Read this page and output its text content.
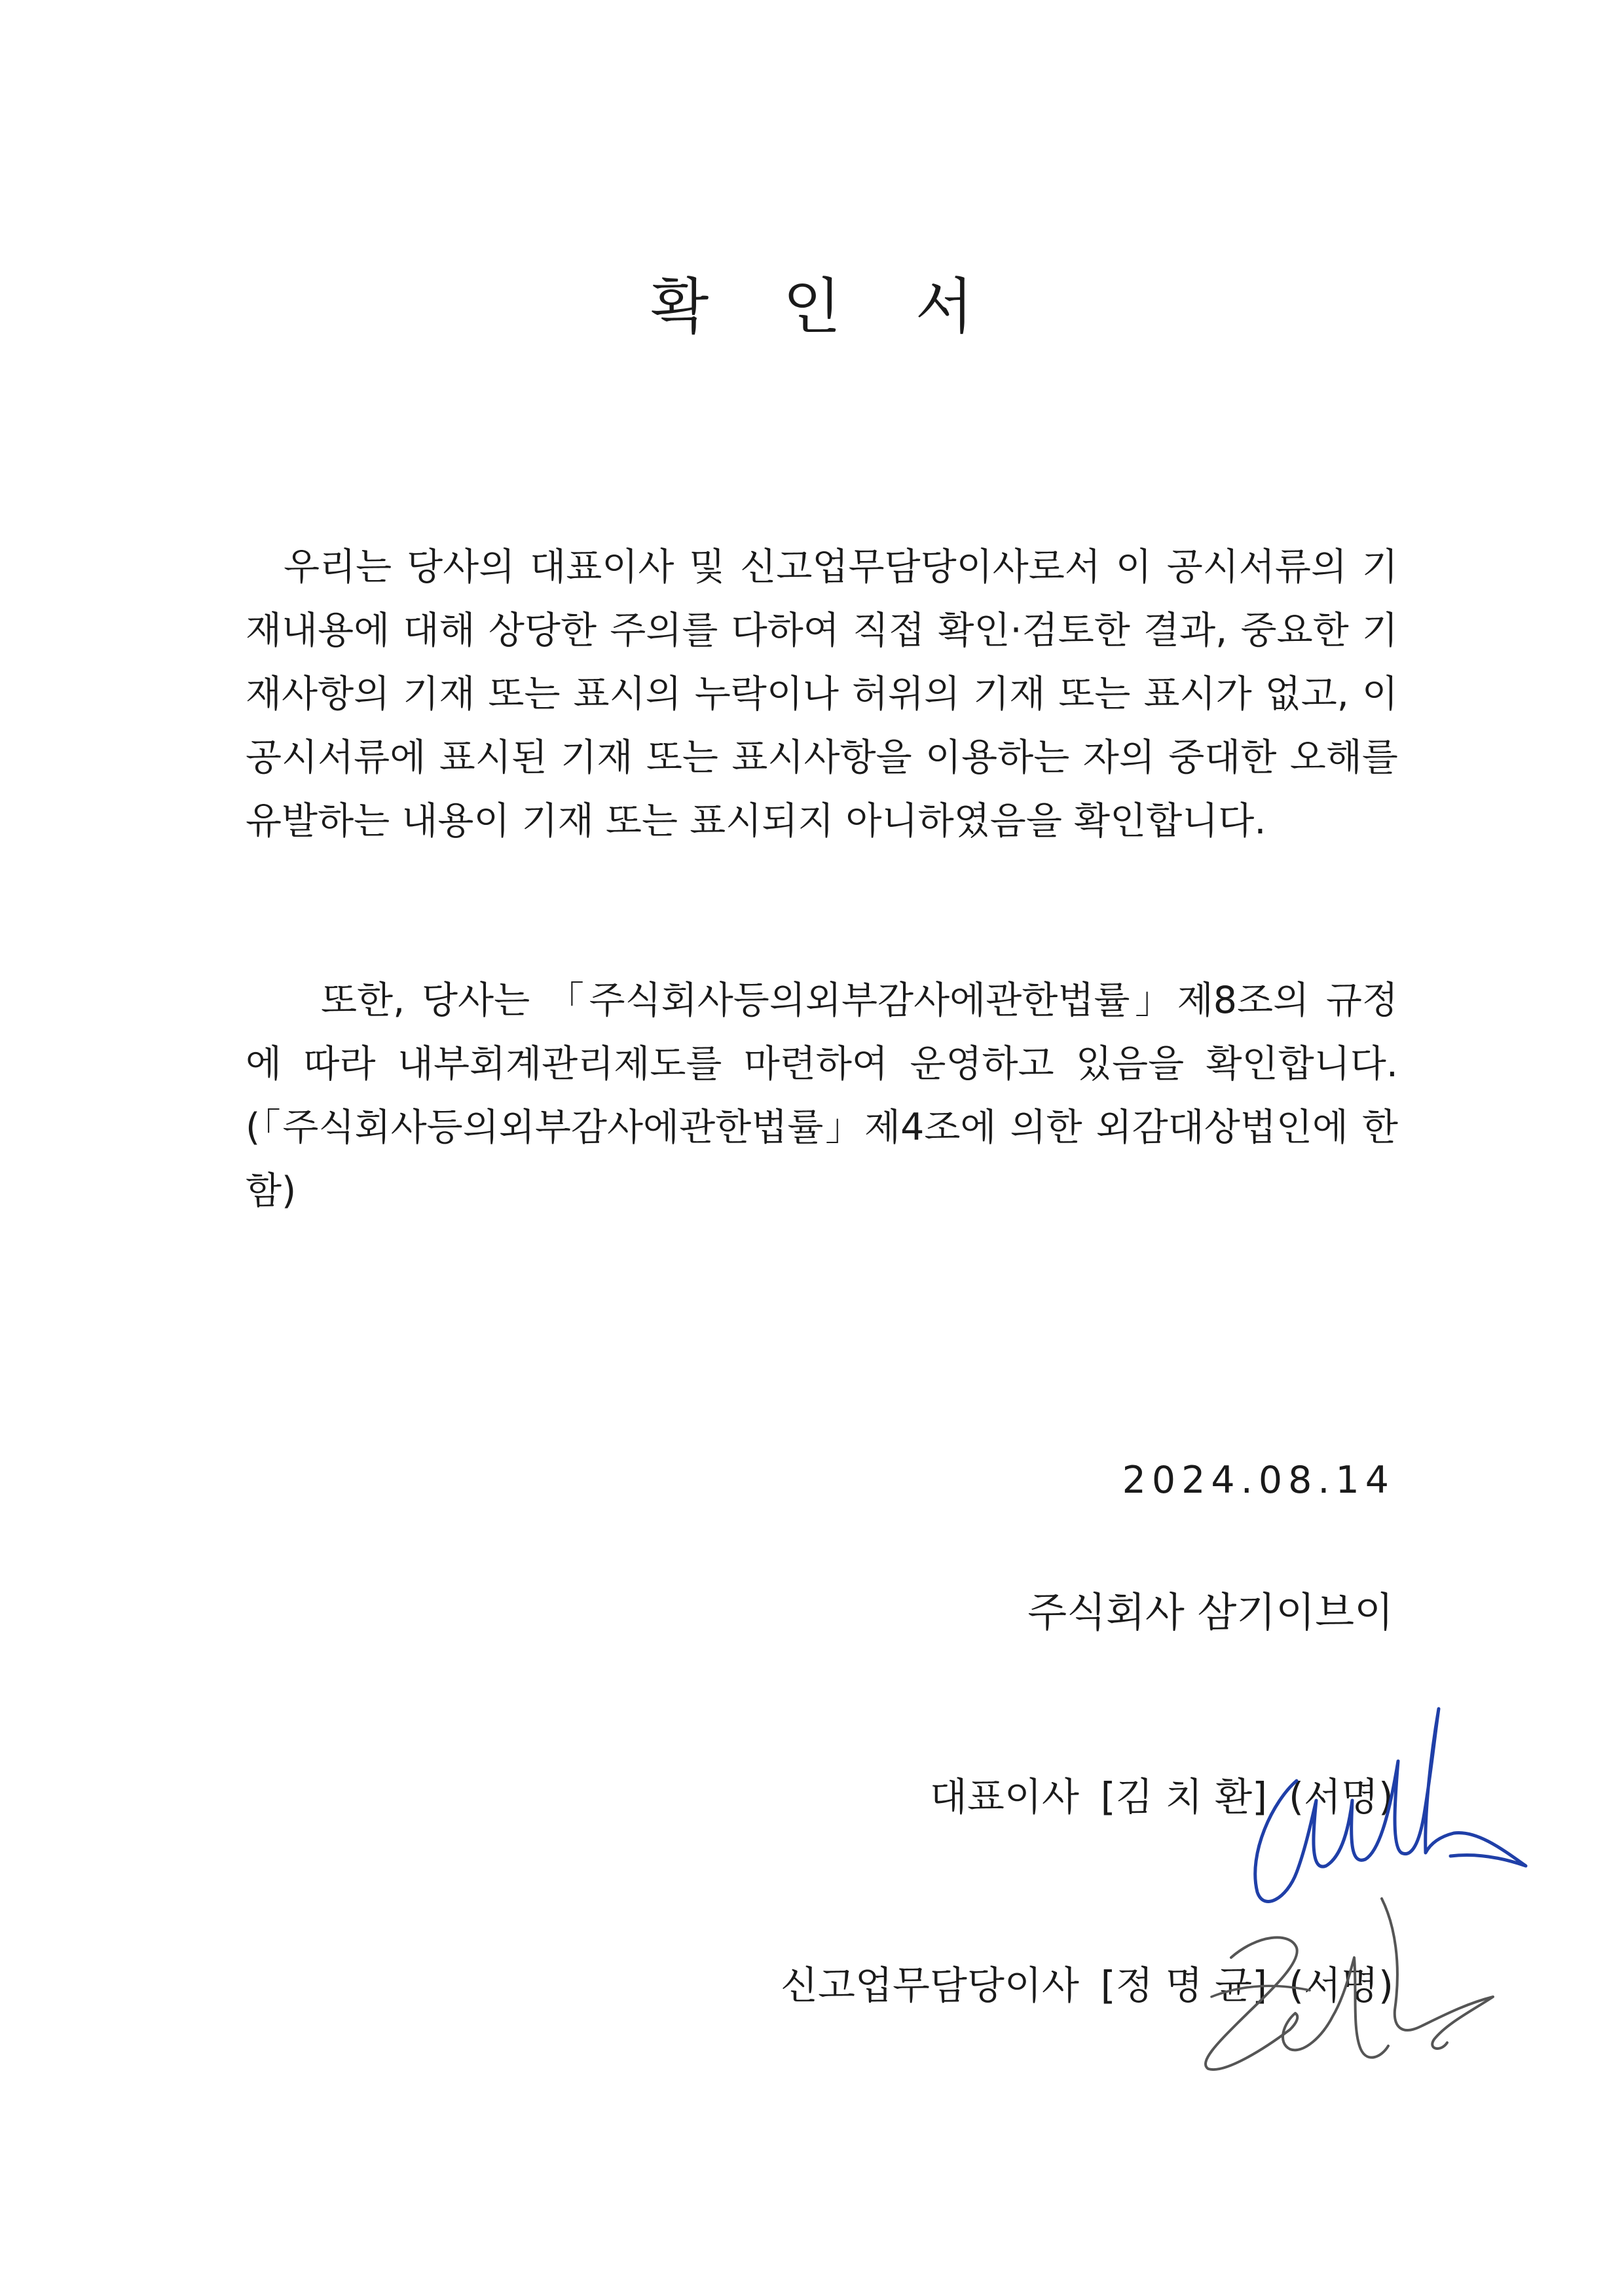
확 인 서

우리는 당사의 대표이사 및 신고업무담당이사로서 이 공시서류의 기재내용에 대해 상당한 주의를 다하여 직접 확인·검토한 결과, 중요한 기재사항의 기재 또는 표시의 누락이나 허위의 기재 또는 표시가 없고, 이 공시서류에 표시된 기재 또는 표시사항을 이용하는 자의 중대한 오해를 유발하는 내용이 기재 또는 표시되지 아니하였음을 확인합니다.

또한, 당사는 「주식회사등의외부감사에관한법률」제8조의 규정에 따라 내부회계관리제도를 마련하여 운영하고 있음을 확인합니다.(「주식회사등의외부감사에관한법률」제4조에 의한 외감대상법인에 한함)

2024.08.14
주식회사 삼기이브이
대표이사 [김 치 환] (서명)
신고업무담당이사 [정 명 균] (서명)
